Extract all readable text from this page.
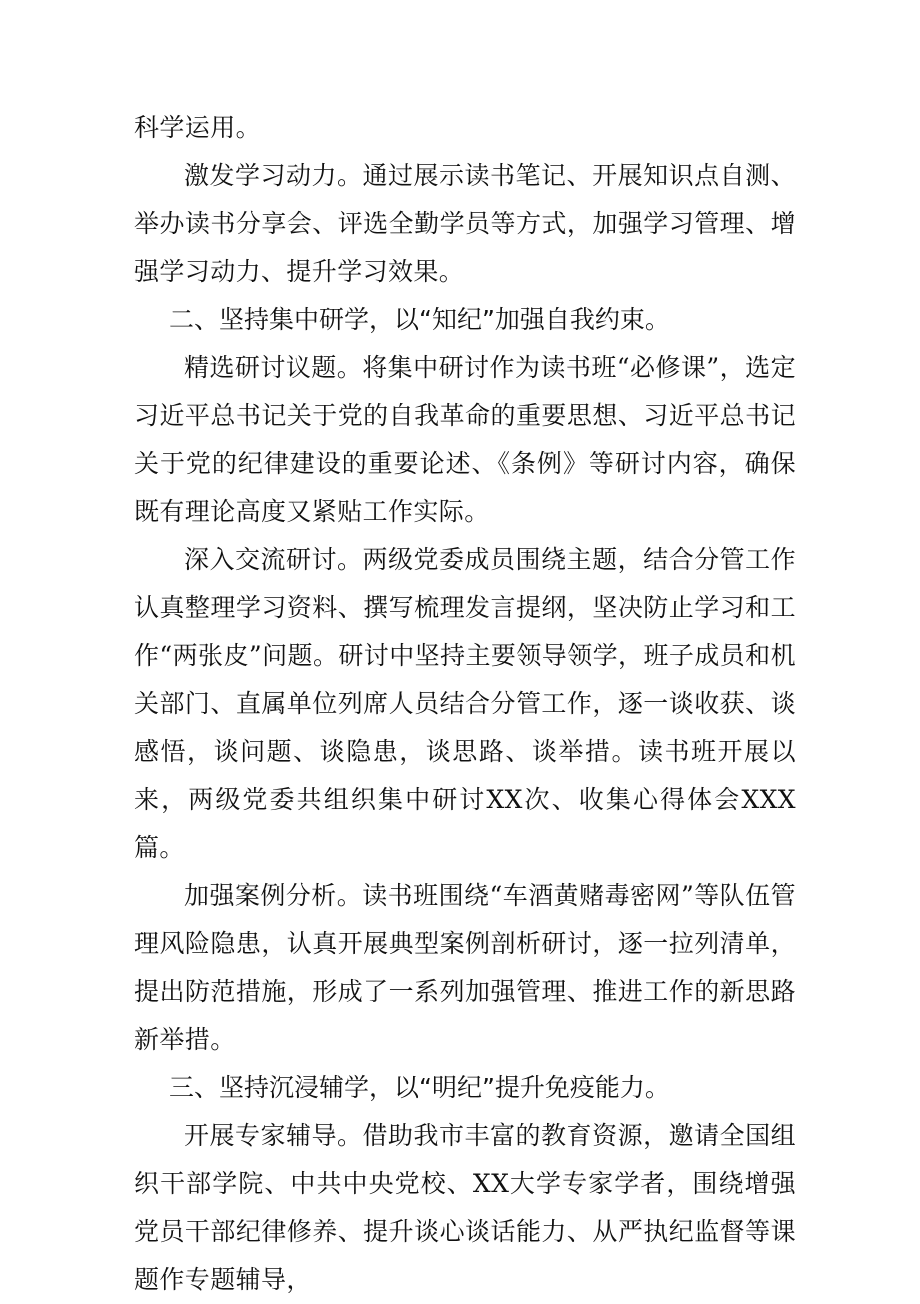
科学运用。

激发学习动力。通过展示读书笔记、开展知识点自测、举办读书分享会、评选全勤学员等方式，加强学习管理、增强学习动力、提升学习效果。

二、坚持集中研学，以“知纪”加强自我约束。

精选研讨议题。将集中研讨作为读书班“必修课”，选定习近平总书记关于党的自我革命的重要思想、习近平总书记关于党的纪律建设的重要论述、《条例》等研讨内容，确保既有理论高度又紧贴工作实际。

深入交流研讨。两级党委成员围绕主题，结合分管工作认真整理学习资料、撰写梳理发言提纲，坚决防止学习和工作“两张皮”问题。研讨中坚持主要领导领学，班子成员和机关部门、直属单位列席人员结合分管工作，逐一谈收获、谈感悟，谈问题、谈隐患，谈思路、谈举措。读书班开展以来，两级党委共组织集中研讨XX次、收集心得体会XXX篇。

加强案例分析。读书班围绕“车酒黄赌毒密网”等队伍管理风险隐患，认真开展典型案例剖析研讨，逐一拉列清单，提出防范措施，形成了一系列加强管理、推进工作的新思路新举措。

三、坚持沉浸辅学，以“明纪”提升免疫能力。

开展专家辅导。借助我市丰富的教育资源，邀请全国组织干部学院、中共中央党校、XX大学专家学者，围绕增强党员干部纪律修养、提升谈心谈话能力、从严执纪监督等课题作专题辅导，
